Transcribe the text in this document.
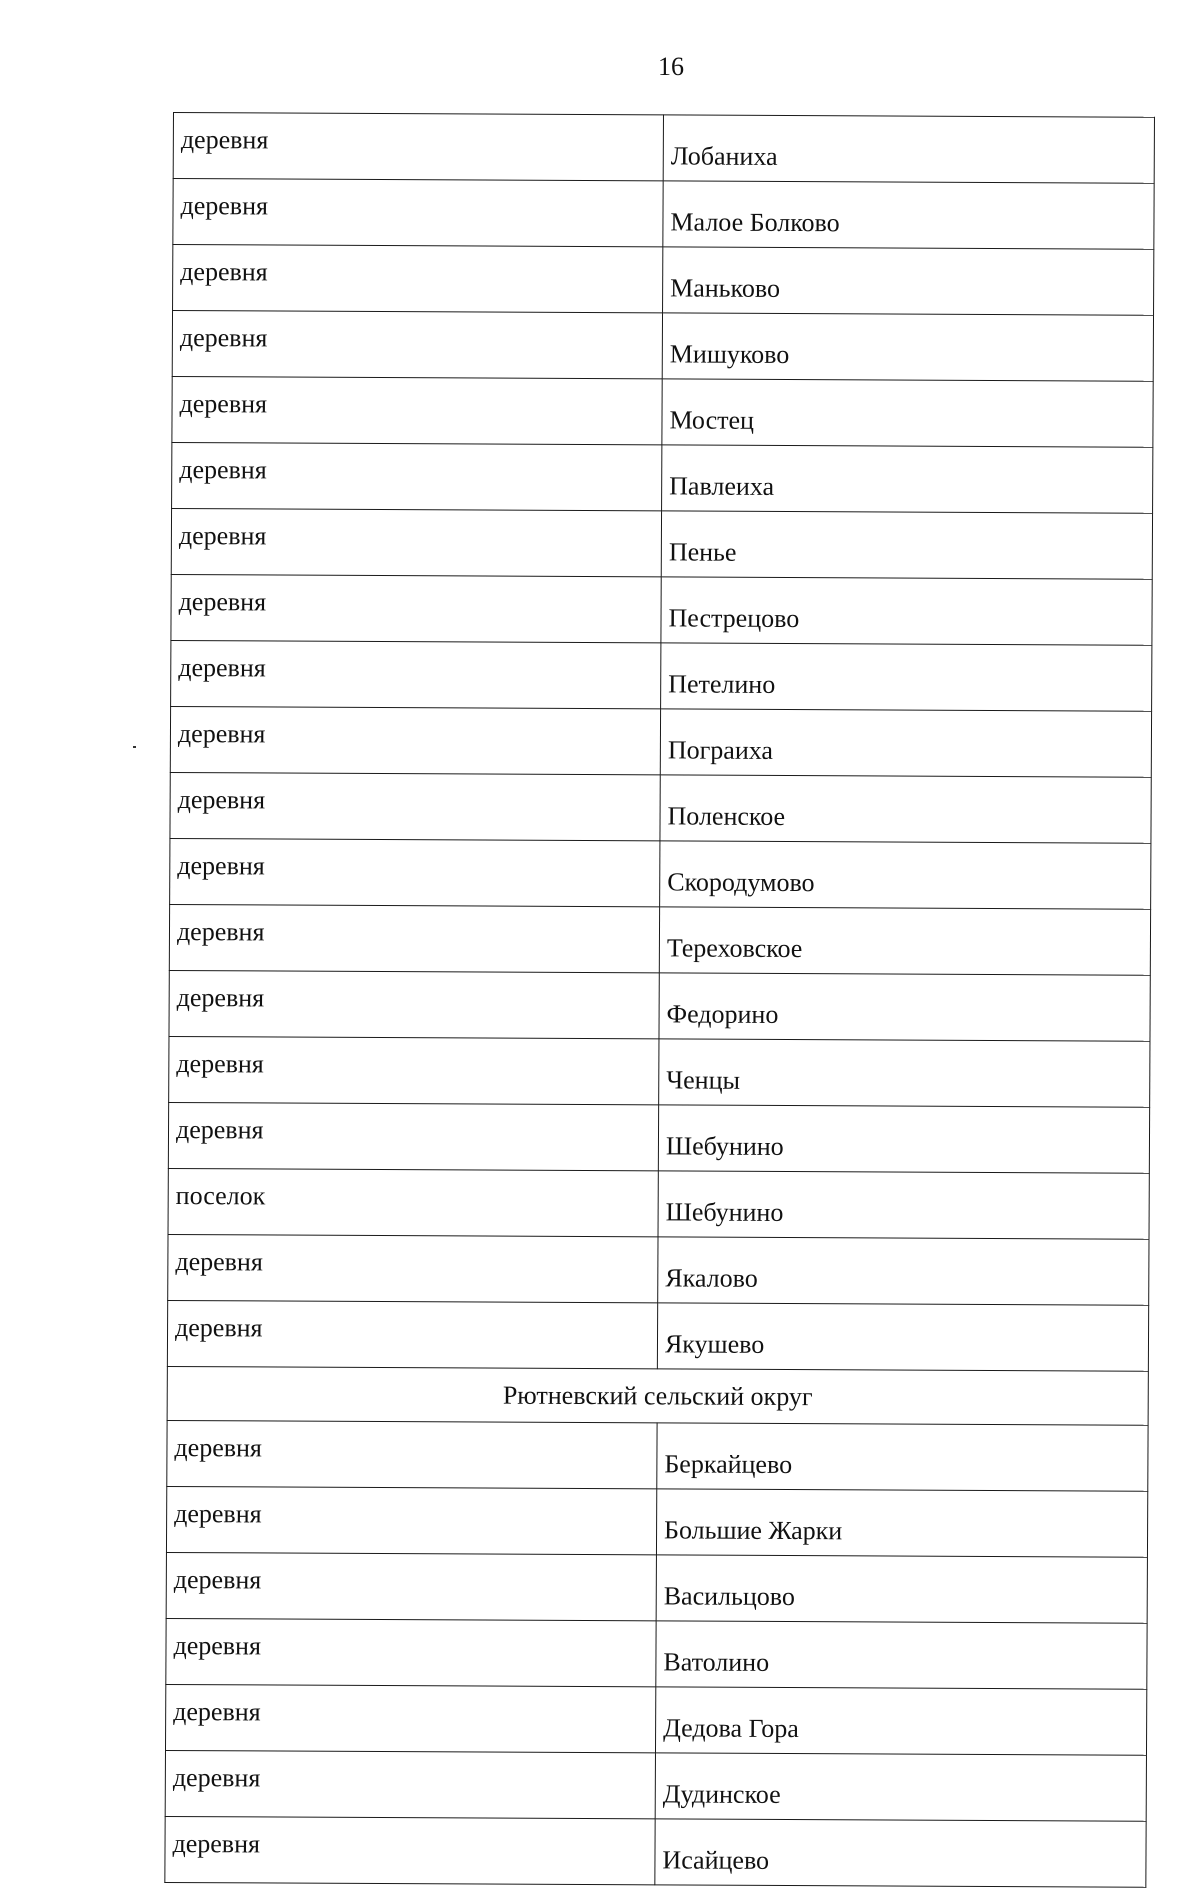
16
деревня	Лобаниха
деревня	Малое Болково
деревня	Маньково
деревня	Мишуково
деревня	Мостец
деревня	Павлеиха
деревня	Пенье
деревня	Пестрецово
деревня	Петелино
деревня	Пограиха
деревня	Поленское
деревня	Скородумово
деревня	Тереховское
деревня	Федорино
деревня	Ченцы
деревня	Шебунино
поселок	Шебунино
деревня	Якалово
деревня	Якушево
Рютневский сельский округ	
деревня	Беркайцево
деревня	Большие Жарки
деревня	Васильцово
деревня	Ватолино
деревня	Дедова Гора
деревня	Дудинское
деревня	Исайцево
